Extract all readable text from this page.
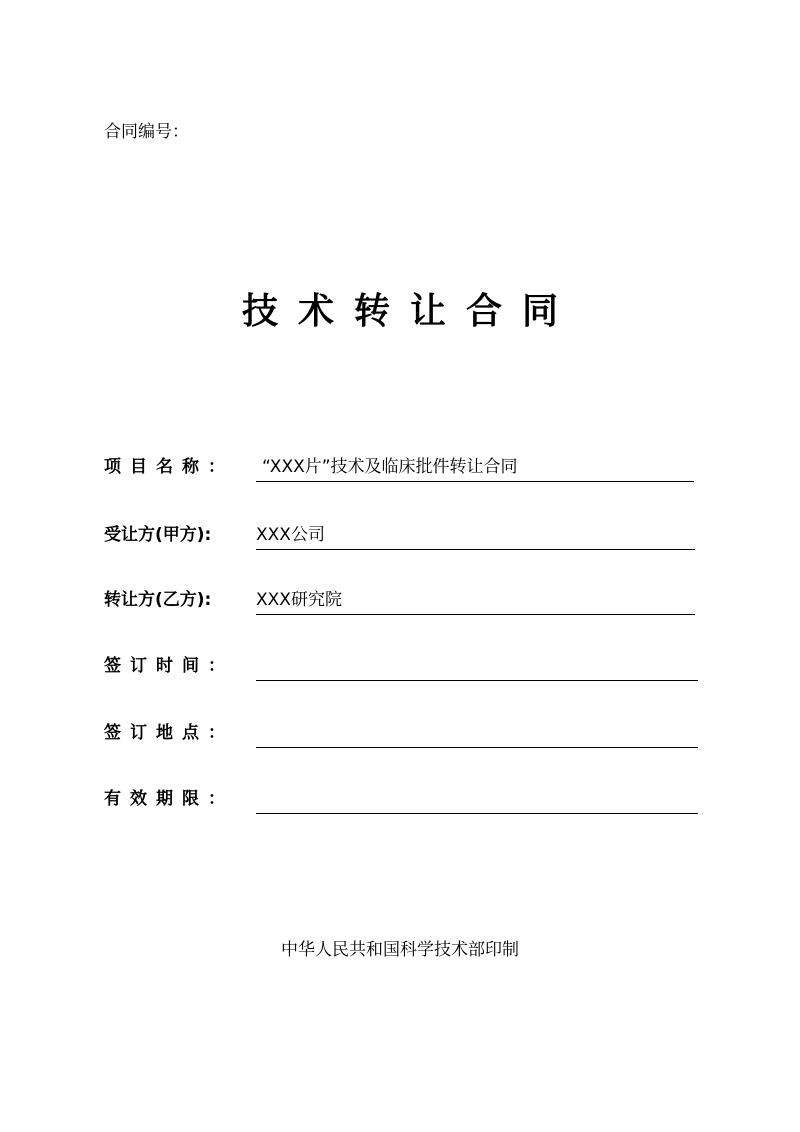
合同编号：
技术转让合同
项目名称： “XXX片”技术及临床批件转让合同
受让方(甲方):	XXX公司
转让方(乙方):	XXX研究院
签订时间：
签订地点：
有效期限：
中华人民共和国科学技术部印制
